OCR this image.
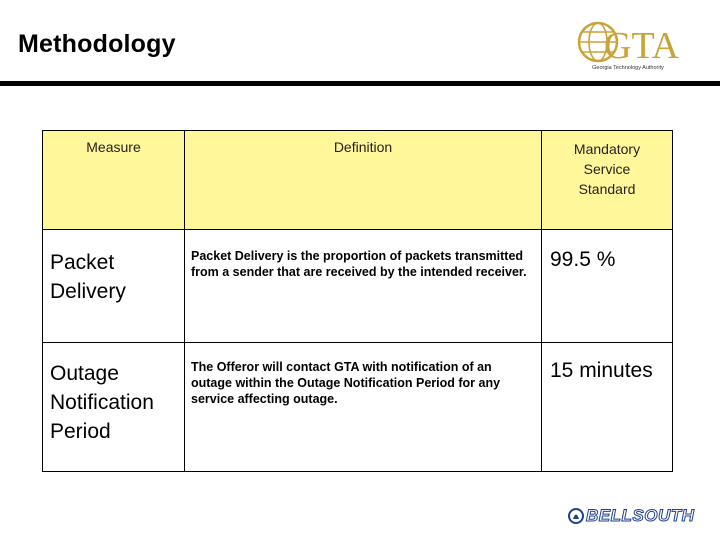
Methodology	GTA
Georgia Technology Authority
Measure	Definition	Mandatory Service Standard
Packet Delivery	Packet Delivery is the proportion of packets transmitted from a sender that are received by the intended receiver.	99.5 %
Outage Notification Period	The Offeror will contact GTA with notification of an outage within the Outage Notification Period for any service affecting outage.	15 minutes
BELLSOUTH
